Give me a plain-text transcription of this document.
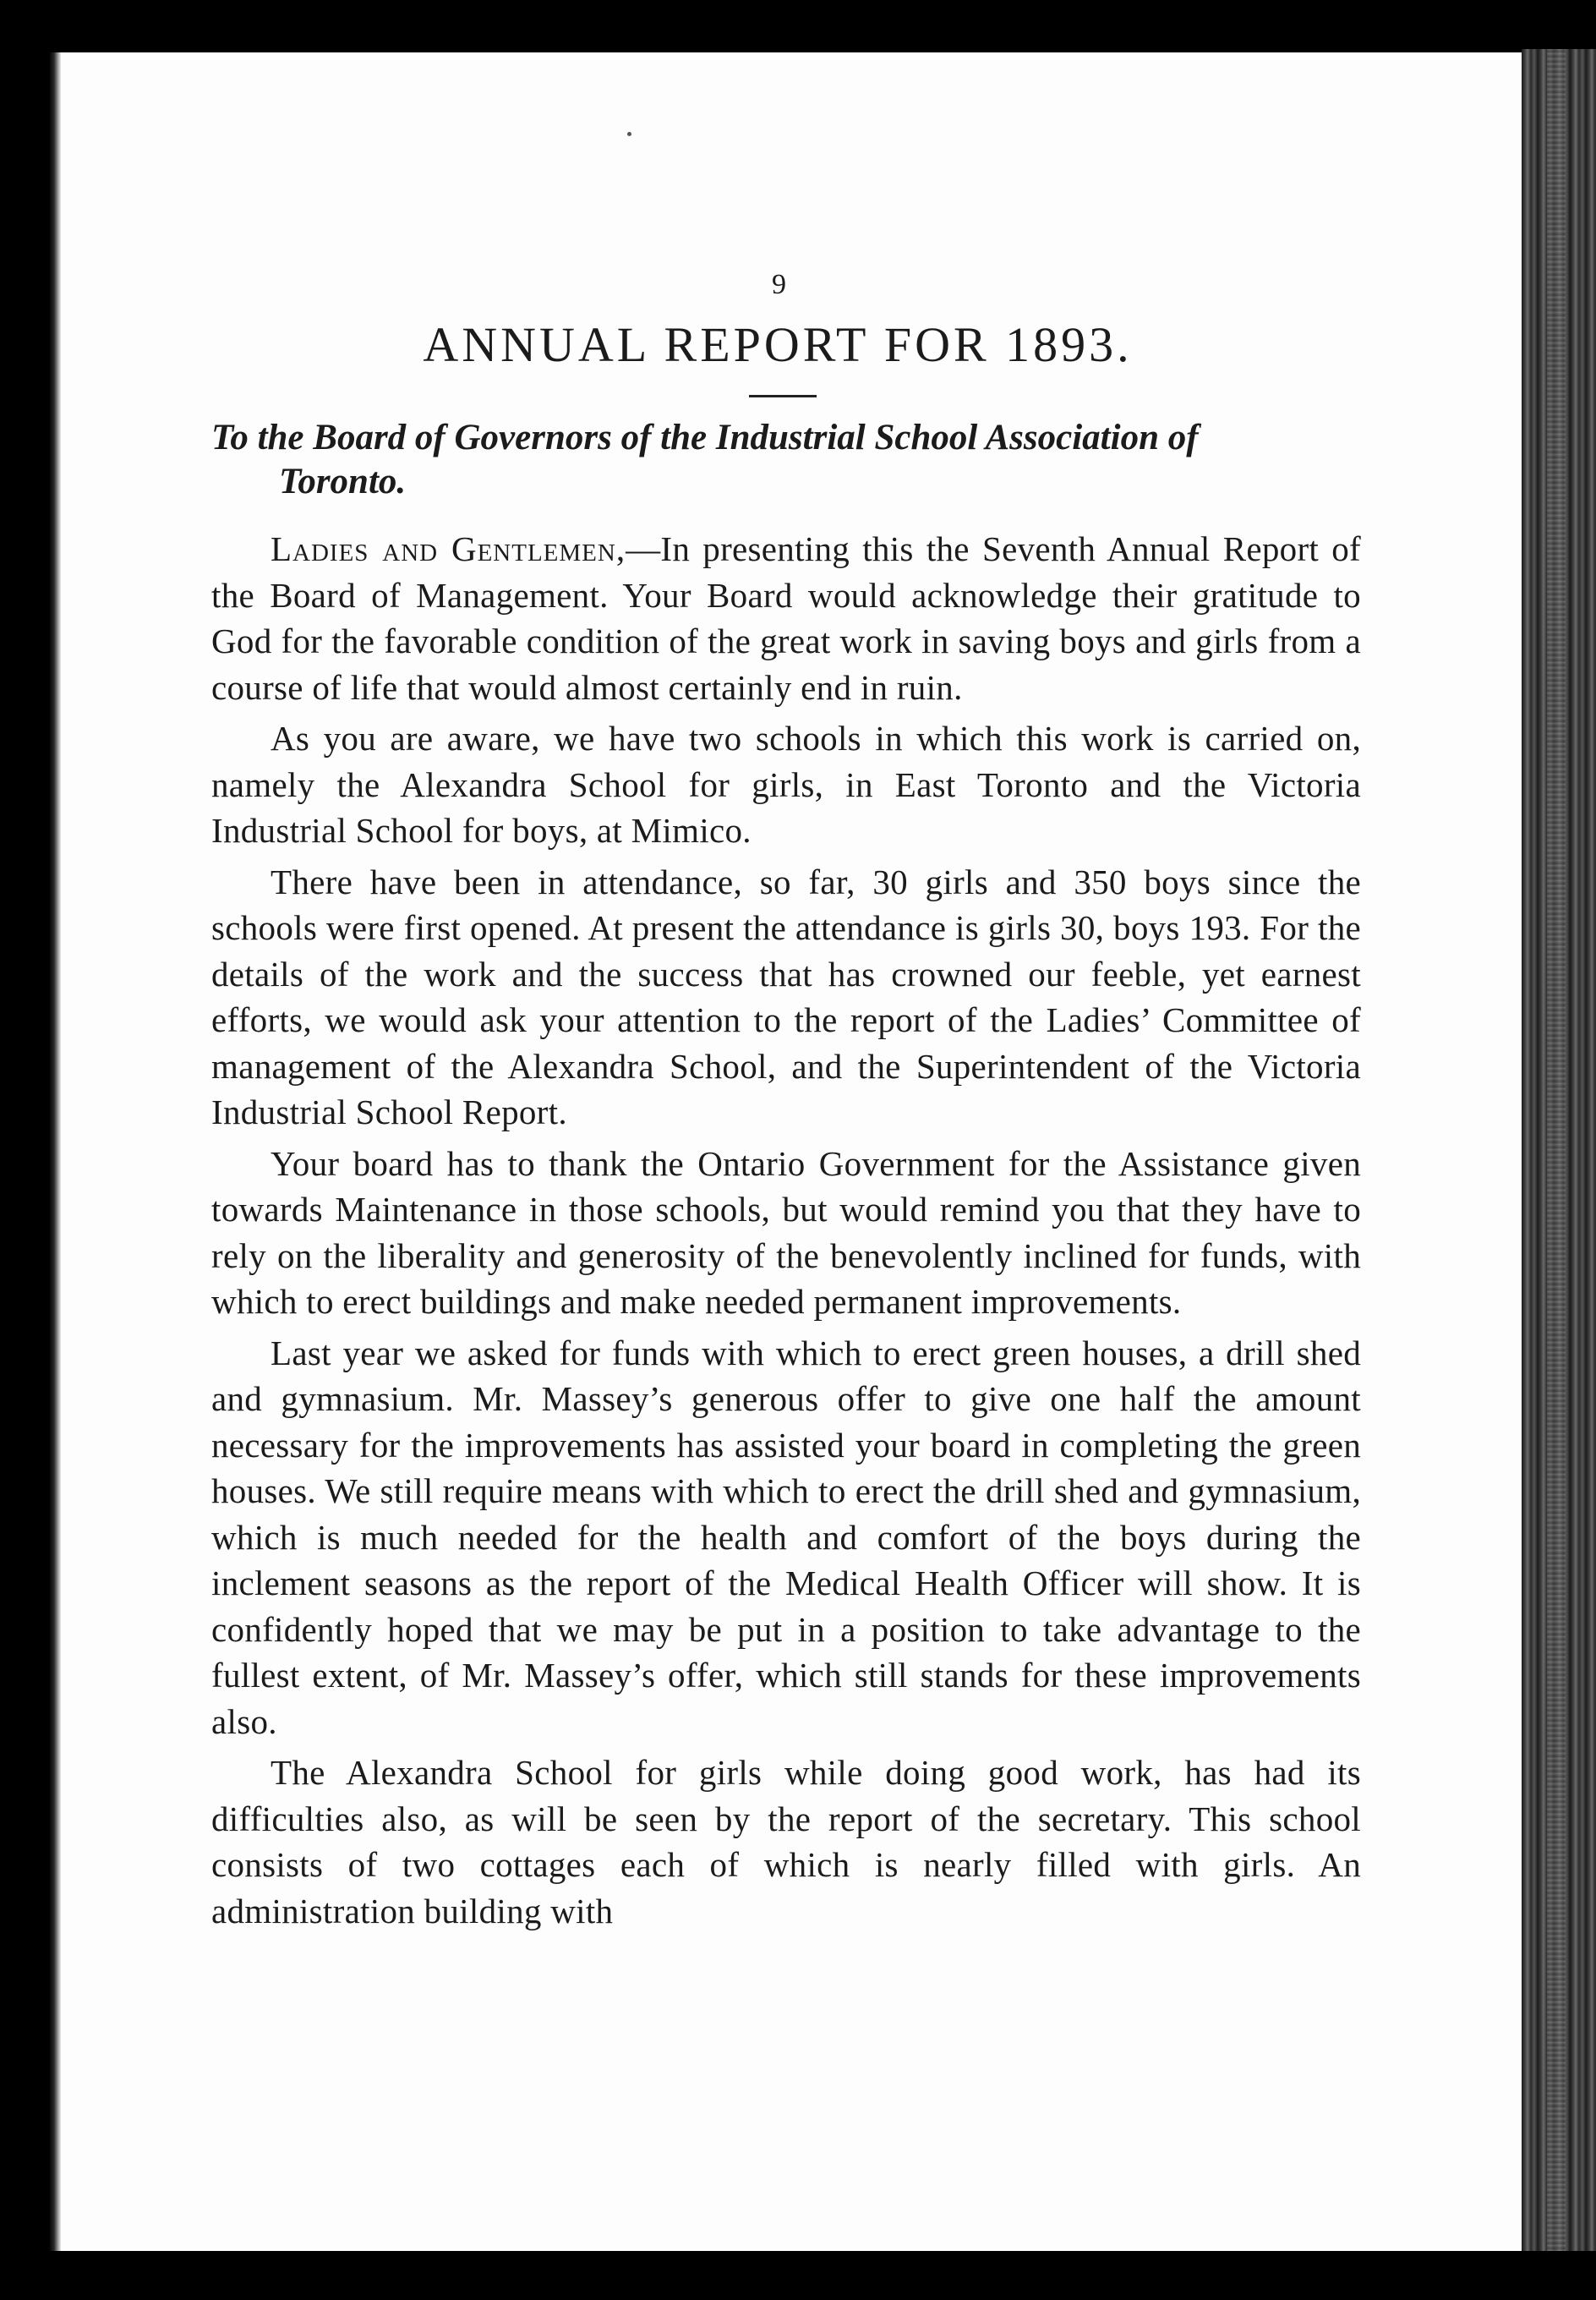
9
ANNUAL REPORT FOR 1893.
To the Board of Governors of the Industrial School Association of
Toronto.

Ladies and Gentlemen,—In presenting this the Seventh Annual Report of the Board of Management. Your Board would acknowledge their gratitude to God for the favorable condition of the great work in saving boys and girls from a course of life that would almost certainly end in ruin.

As you are aware, we have two schools in which this work is carried on, namely the Alexandra School for girls, in East Toronto and the Victoria Industrial School for boys, at Mimico.

There have been in attendance, so far, 30 girls and 350 boys since the schools were first opened. At present the attendance is girls 30, boys 193. For the details of the work and the success that has crowned our feeble, yet earnest efforts, we would ask your attention to the report of the Ladies’ Committee of management of the Alexandra School, and the Superintendent of the Victoria Industrial School Report.

Your board has to thank the Ontario Government for the Assistance given towards Maintenance in those schools, but would remind you that they have to rely on the liberality and generosity of the benevolently inclined for funds, with which to erect buildings and make needed permanent improvements.

Last year we asked for funds with which to erect green houses, a drill shed and gymnasium. Mr. Massey’s generous offer to give one half the amount necessary for the improvements has assisted your board in completing the green houses. We still require means with which to erect the drill shed and gymnasium, which is much needed for the health and comfort of the boys during the inclement seasons as the report of the Medical Health Officer will show. It is confidently hoped that we may be put in a position to take advantage to the fullest extent, of Mr. Massey’s offer, which still stands for these improvements also.

The Alexandra School for girls while doing good work, has had its difficulties also, as will be seen by the report of the secretary. This school consists of two cottages each of which is nearly filled with girls. An administration building with
